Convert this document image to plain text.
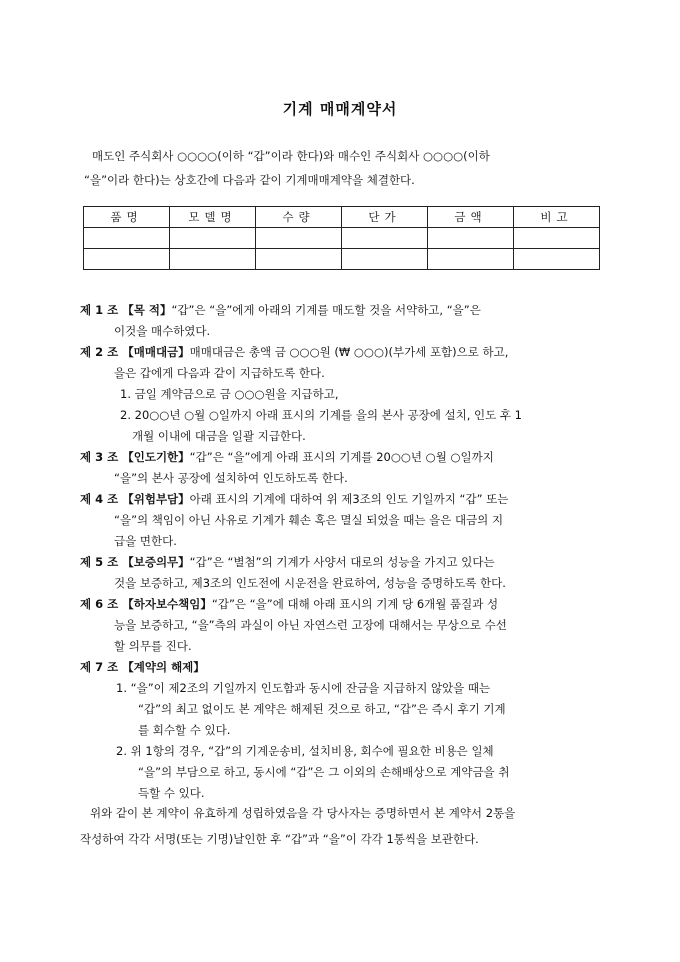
기계 매매계약서
매도인 주식회사 ○○○○(이하 “갑”이라 한다)와 매수인 주식회사 ○○○○(이하
“을”이라 한다)는 상호간에 다음과 같이 기계매매계약을 체결한다.
품명	모델명	수량	단가	금액	비고

제 1 조 【목 적】“갑”은 “을”에게 아래의 기계를 매도할 것을 서약하고, “을”은
이것을 매수하였다.
제 2 조 【매매대금】매매대금은 총액 금 ○○○원 (₩ ○○○)(부가세 포함)으로 하고,
을은 갑에게 다음과 같이 지급하도록 한다.
1. 금일 계약금으로 금 ○○○원을 지급하고,
2. 20○○년 ○월 ○일까지 아래 표시의 기계를 을의 본사 공장에 설치, 인도 후 1
개월 이내에 대금을 일괄 지급한다.
제 3 조 【인도기한】“갑”은 “을”에게 아래 표시의 기계를 20○○년 ○월 ○일까지
“을”의 본사 공장에 설치하여 인도하도록 한다.
제 4 조 【위험부담】아래 표시의 기계에 대하여 위 제3조의 인도 기일까지 “갑” 또는
“을”의 책임이 아닌 사유로 기계가 훼손 혹은 멸실 되었을 때는 을은 대금의 지
급을 면한다.
제 5 조 【보증의무】“갑”은 “별첨”의 기계가 사양서 대로의 성능을 가지고 있다는
것을 보증하고, 제3조의 인도전에 시운전을 완료하여, 성능을 증명하도록 한다.
제 6 조 【하자보수책임】“갑”은 “을”에 대해 아래 표시의 기계 당 6개월 품질과 성
능을 보증하고, “을”측의 과실이 아닌 자연스런 고장에 대해서는 무상으로 수선
할 의무를 진다.
제 7 조 【계약의 해제】
1. “을”이 제2조의 기일까지 인도함과 동시에 잔금을 지급하지 않았을 때는
“갑”의 최고 없이도 본 계약은 해제된 것으로 하고, “갑”은 즉시 후기 기계
를 회수할 수 있다.
2. 위 1항의 경우, “갑”의 기계운송비, 설치비용, 회수에 필요한 비용은 일체
“을”의 부담으로 하고, 동시에 “갑”은 그 이외의 손해배상으로 계약금을 취
득할 수 있다.
위와 같이 본 계약이 유효하게 성립하였음을 각 당사자는 증명하면서 본 계약서 2통을
작성하여 각각 서명(또는 기명)날인한 후 “갑”과 “을”이 각각 1통씩을 보관한다.
